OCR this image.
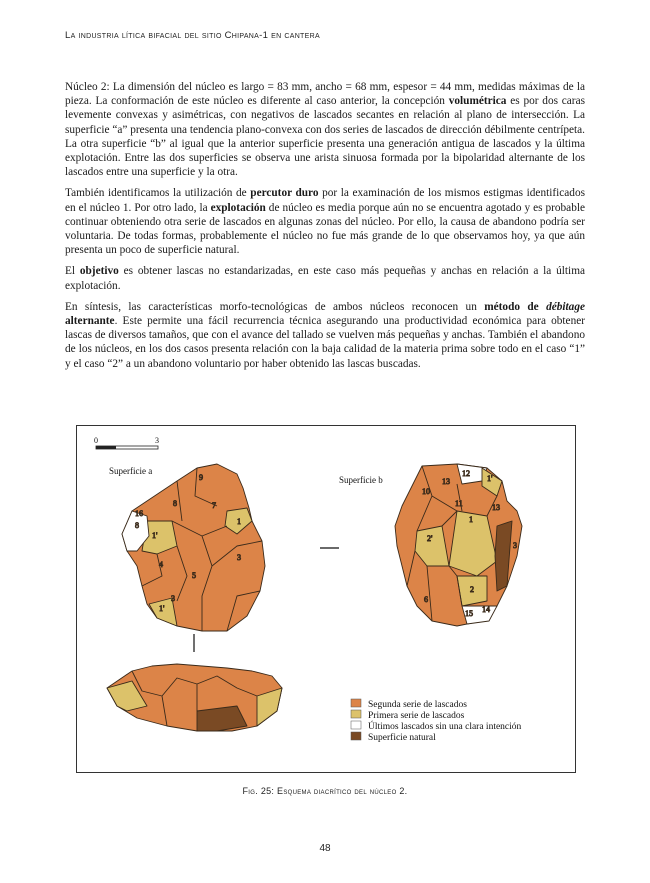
La industria lítica bifacial del sitio Chipana-1 en cantera

Núcleo 2: La dimensión del núcleo es largo = 83 mm, ancho = 68 mm, espesor = 44 mm, medidas máximas de la pieza. La conformación de este núcleo es diferente al caso anterior, la concepción volumétrica es por dos caras levemente convexas y asimétricas, con negativos de lascados secantes en relación al plano de intersección. La superficie “a” presenta una tendencia plano-convexa con dos series de lascados de dirección débilmente centrípeta. La otra superficie “b” al igual que la anterior superficie presenta una generación antigua de lascados y la última explotación. Entre las dos superficies se observa une arista sinuosa formada por la bipolaridad alternante de los lascados entre una superficie y la otra.

También identificamos la utilización de percutor duro por la examinación de los mismos estigmas identificados en el núcleo 1. Por otro lado, la explotación de núcleo es media porque aún no se encuentra agotado y es probable continuar obteniendo otra serie de lascados en algunas zonas del núcleo. Por ello, la causa de abandono podría ser voluntaria. De todas formas, probablemente el núcleo no fue más grande de lo que observamos hoy, ya que aún presenta un poco de superficie natural.

El objetivo es obtener lascas no estandarizadas, en este caso más pequeñas y anchas en relación a la última explotación.

En síntesis, las características morfo-tecnológicas de ambos núcleos reconocen un método de débitage alternante. Este permite una fácil recurrencia técnica asegurando una productividad económica para obtener lascas de diversos tamaños, que con el avance del tallado se vuelven más pequeñas y anchas. También el abandono de los núcleos, en los dos casos presenta relación con la baja calidad de la materia prima sobre todo en el caso “1” y el caso “2” a un abandono voluntario por haber obtenido las lascas buscadas.

0	3
Superficie a
Superficie b
9
8	7
1
16
8
1'
3
4
5
3
1'
12
13	1'
10
11	13
1
2'
3
2
6
15 14
Segunda serie de lascados
Primera serie de lascados
Últimos lascados sin una clara intención
Superficie natural
Fig. 25: Esquema diacrítico del núcleo 2.
48
